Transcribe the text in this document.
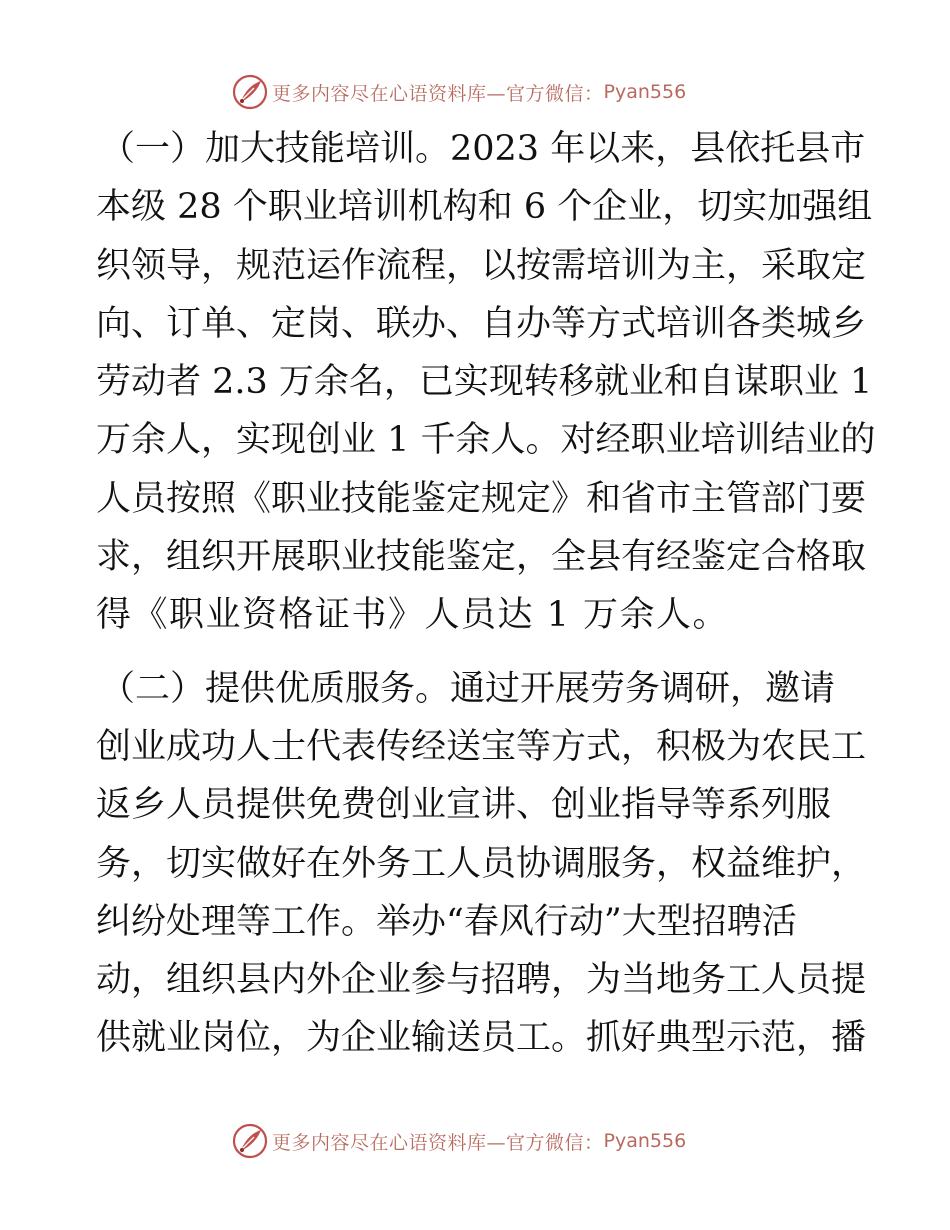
更多内容尽在心语资料库—官方微信： Pyan556

（一）加大技能培训。2023 年以来，县依托县市
本级 28 个职业培训机构和 6 个企业，切实加强组
织领导，规范运作流程，以按需培训为主，采取定
向、订单、定岗、联办、自办等方式培训各类城乡
劳动者 2.3 万余名，已实现转移就业和自谋职业 1
万余人，实现创业 1 千余人。对经职业培训结业的
人员按照《职业技能鉴定规定》和省市主管部门要
求，组织开展职业技能鉴定，全县有经鉴定合格取
得《职业资格证书》人员达 1 万余人。

（二）提供优质服务。通过开展劳务调研，邀请
创业成功人士代表传经送宝等方式，积极为农民工
返乡人员提供免费创业宣讲、创业指导等系列服
务，切实做好在外务工人员协调服务，权益维护，
纠纷处理等工作。举办“春风行动”大型招聘活
动，组织县内外企业参与招聘，为当地务工人员提
供就业岗位，为企业输送员工。抓好典型示范，播

更多内容尽在心语资料库—官方微信： Pyan556
